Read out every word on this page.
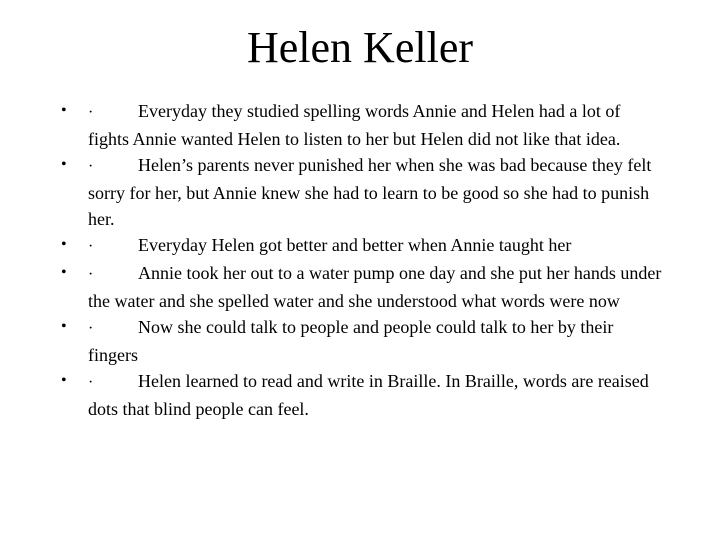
Helen Keller
•	· Everyday they studied spelling words Annie and Helen had a lot of fights Annie wanted Helen to listen to her but Helen did not like that idea.
•	· Helen’s parents never punished her when she was bad because they felt sorry for her, but Annie knew she had to learn to be good so she had to punish her.
•	· Everyday Helen got better and better when Annie taught her
•	· Annie took her out to a water pump one day and she put her hands under the water and she spelled water and she understood what words were now
•	· Now she could talk to people and people could talk to her by their fingers
•	· Helen learned to read and write in Braille. In Braille, words are reaised dots that blind people can feel.
